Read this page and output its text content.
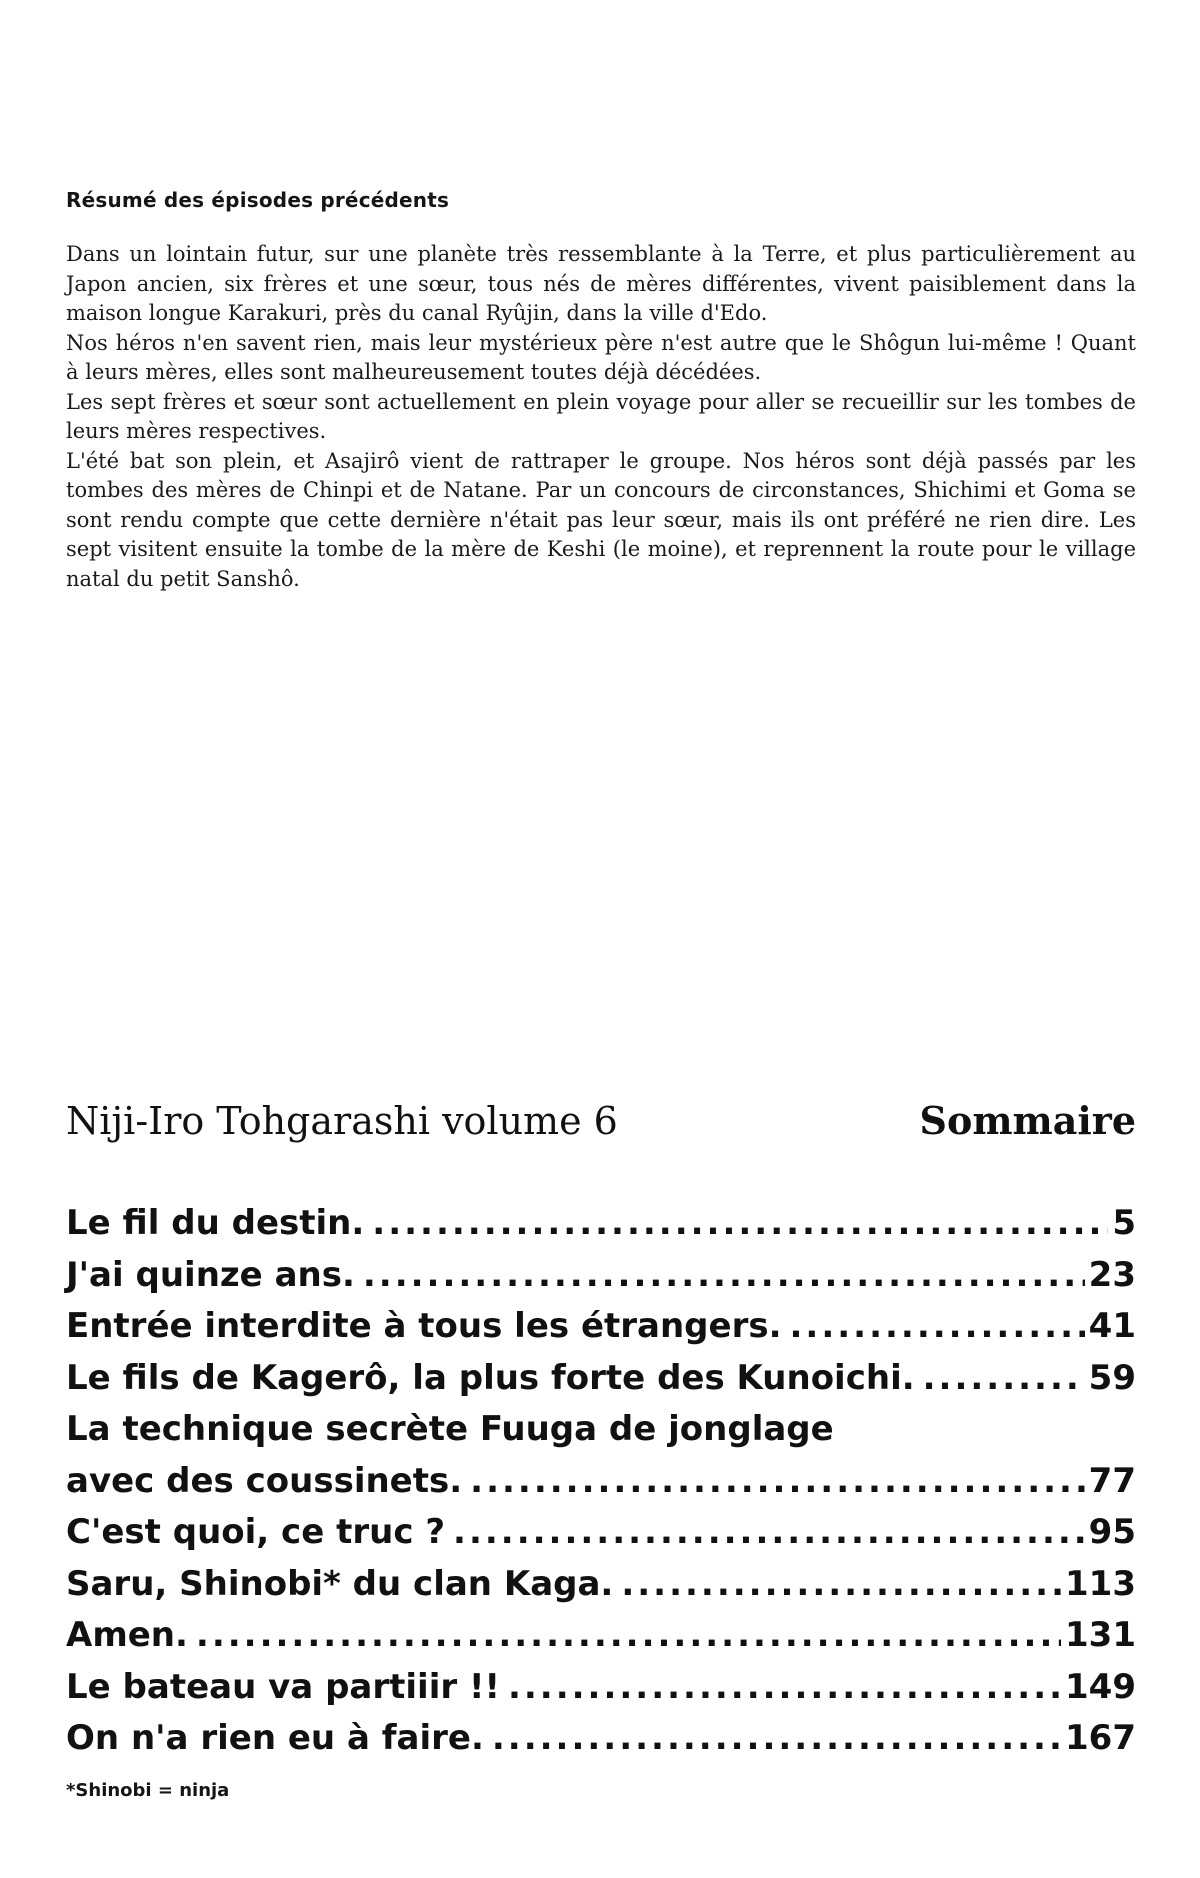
Résumé des épisodes précédents

Dans un lointain futur, sur une planète très ressemblante à la Terre, et plus particulièrement au Japon ancien, six frères et une sœur, tous nés de mères différentes, vivent paisiblement dans la maison longue Karakuri, près du canal Ryûjin, dans la ville d'Edo.

Nos héros n'en savent rien, mais leur mystérieux père n'est autre que le Shôgun lui-même ! Quant à leurs mères, elles sont malheureusement toutes déjà décédées.

Les sept frères et sœur sont actuellement en plein voyage pour aller se recueillir sur les tombes de leurs mères respectives.

L'été bat son plein, et Asajirô vient de rattraper le groupe. Nos héros sont déjà passés par les tombes des mères de Chinpi et de Natane. Par un concours de circonstances, Shichimi et Goma se sont rendu compte que cette dernière n'était pas leur sœur, mais ils ont préféré ne rien dire. Les sept visitent ensuite la tombe de la mère de Keshi (le moine), et reprennent la route pour le village natal du petit Sanshô.

Niji-Iro Tohgarashi volume 6	Sommaire
Le fil du destin. .....	5
J'ai quinze ans. .....	23
Entrée interdite à tous les étrangers. .....	41
Le fils de Kagerô, la plus forte des Kunoichi. .....	59
La technique secrète Fuuga de jonglage
avec des coussinets. .....	77
C'est quoi, ce truc ? .....	95
Saru, Shinobi* du clan Kaga. .....	113
Amen. .....	131
Le bateau va partiiir !! .....	149
On n'a rien eu à faire. .....	167
*Shinobi = ninja
